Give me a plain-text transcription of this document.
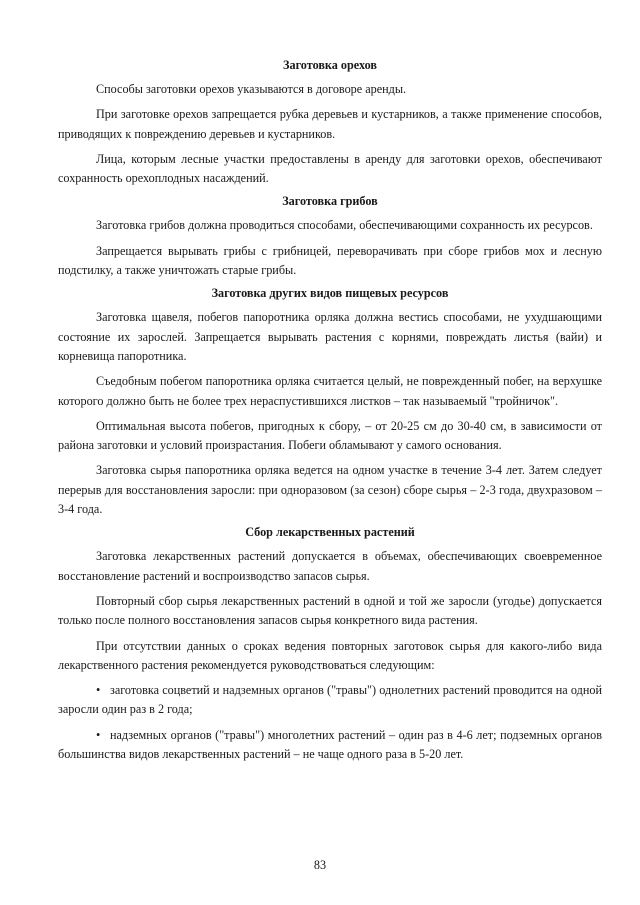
Заготовка орехов

Способы заготовки орехов указываются в договоре аренды.

При заготовке орехов запрещается рубка деревьев и кустарников, а также применение способов, приводящих к повреждению деревьев и кустарников.

Лица, которым лесные участки предоставлены в аренду для заготовки орехов, обеспечивают сохранность орехоплодных насаждений.

Заготовка грибов

Заготовка грибов должна проводиться способами, обеспечивающими сохранность их ресурсов.

Запрещается вырывать грибы с грибницей, переворачивать при сборе грибов мох и лесную подстилку, а также уничтожать старые грибы.

Заготовка других видов пищевых ресурсов

Заготовка щавеля, побегов папоротника орляка должна вестись способами, не ухудшающими состояние их зарослей. Запрещается вырывать растения с корнями, повреждать листья (вайи) и корневища папоротника.

Съедобным побегом папоротника орляка считается целый, не поврежденный побег, на верхушке которого должно быть не более трех нераспустившихся листков – так называемый "тройничок".

Оптимальная высота побегов, пригодных к сбору, – от 20-25 см до 30-40 см, в зависимости от района заготовки и условий произрастания. Побеги обламывают у самого основания.

Заготовка сырья папоротника орляка ведется на одном участке в течение 3-4 лет. Затем следует перерыв для восстановления заросли: при одноразовом (за сезон) сборе сырья – 2-3 года, двухразовом – 3-4 года.

Сбор лекарственных растений

Заготовка лекарственных растений допускается в объемах, обеспечивающих своевременное восстановление растений и воспроизводство запасов сырья.

Повторный сбор сырья лекарственных растений в одной и той же заросли (угодье) допускается только после полного восстановления запасов сырья конкретного вида растения.

При отсутствии данных о сроках ведения повторных заготовок сырья для какого-либо вида лекарственного растения рекомендуется руководствоваться следующим:

• заготовка соцветий и надземных органов ("травы") однолетних растений проводится на одной заросли один раз в 2 года;
• надземных органов ("травы") многолетних растений – один раз в 4-6 лет; подземных органов большинства видов лекарственных растений – не чаще одного раза в 5-20 лет.
83
